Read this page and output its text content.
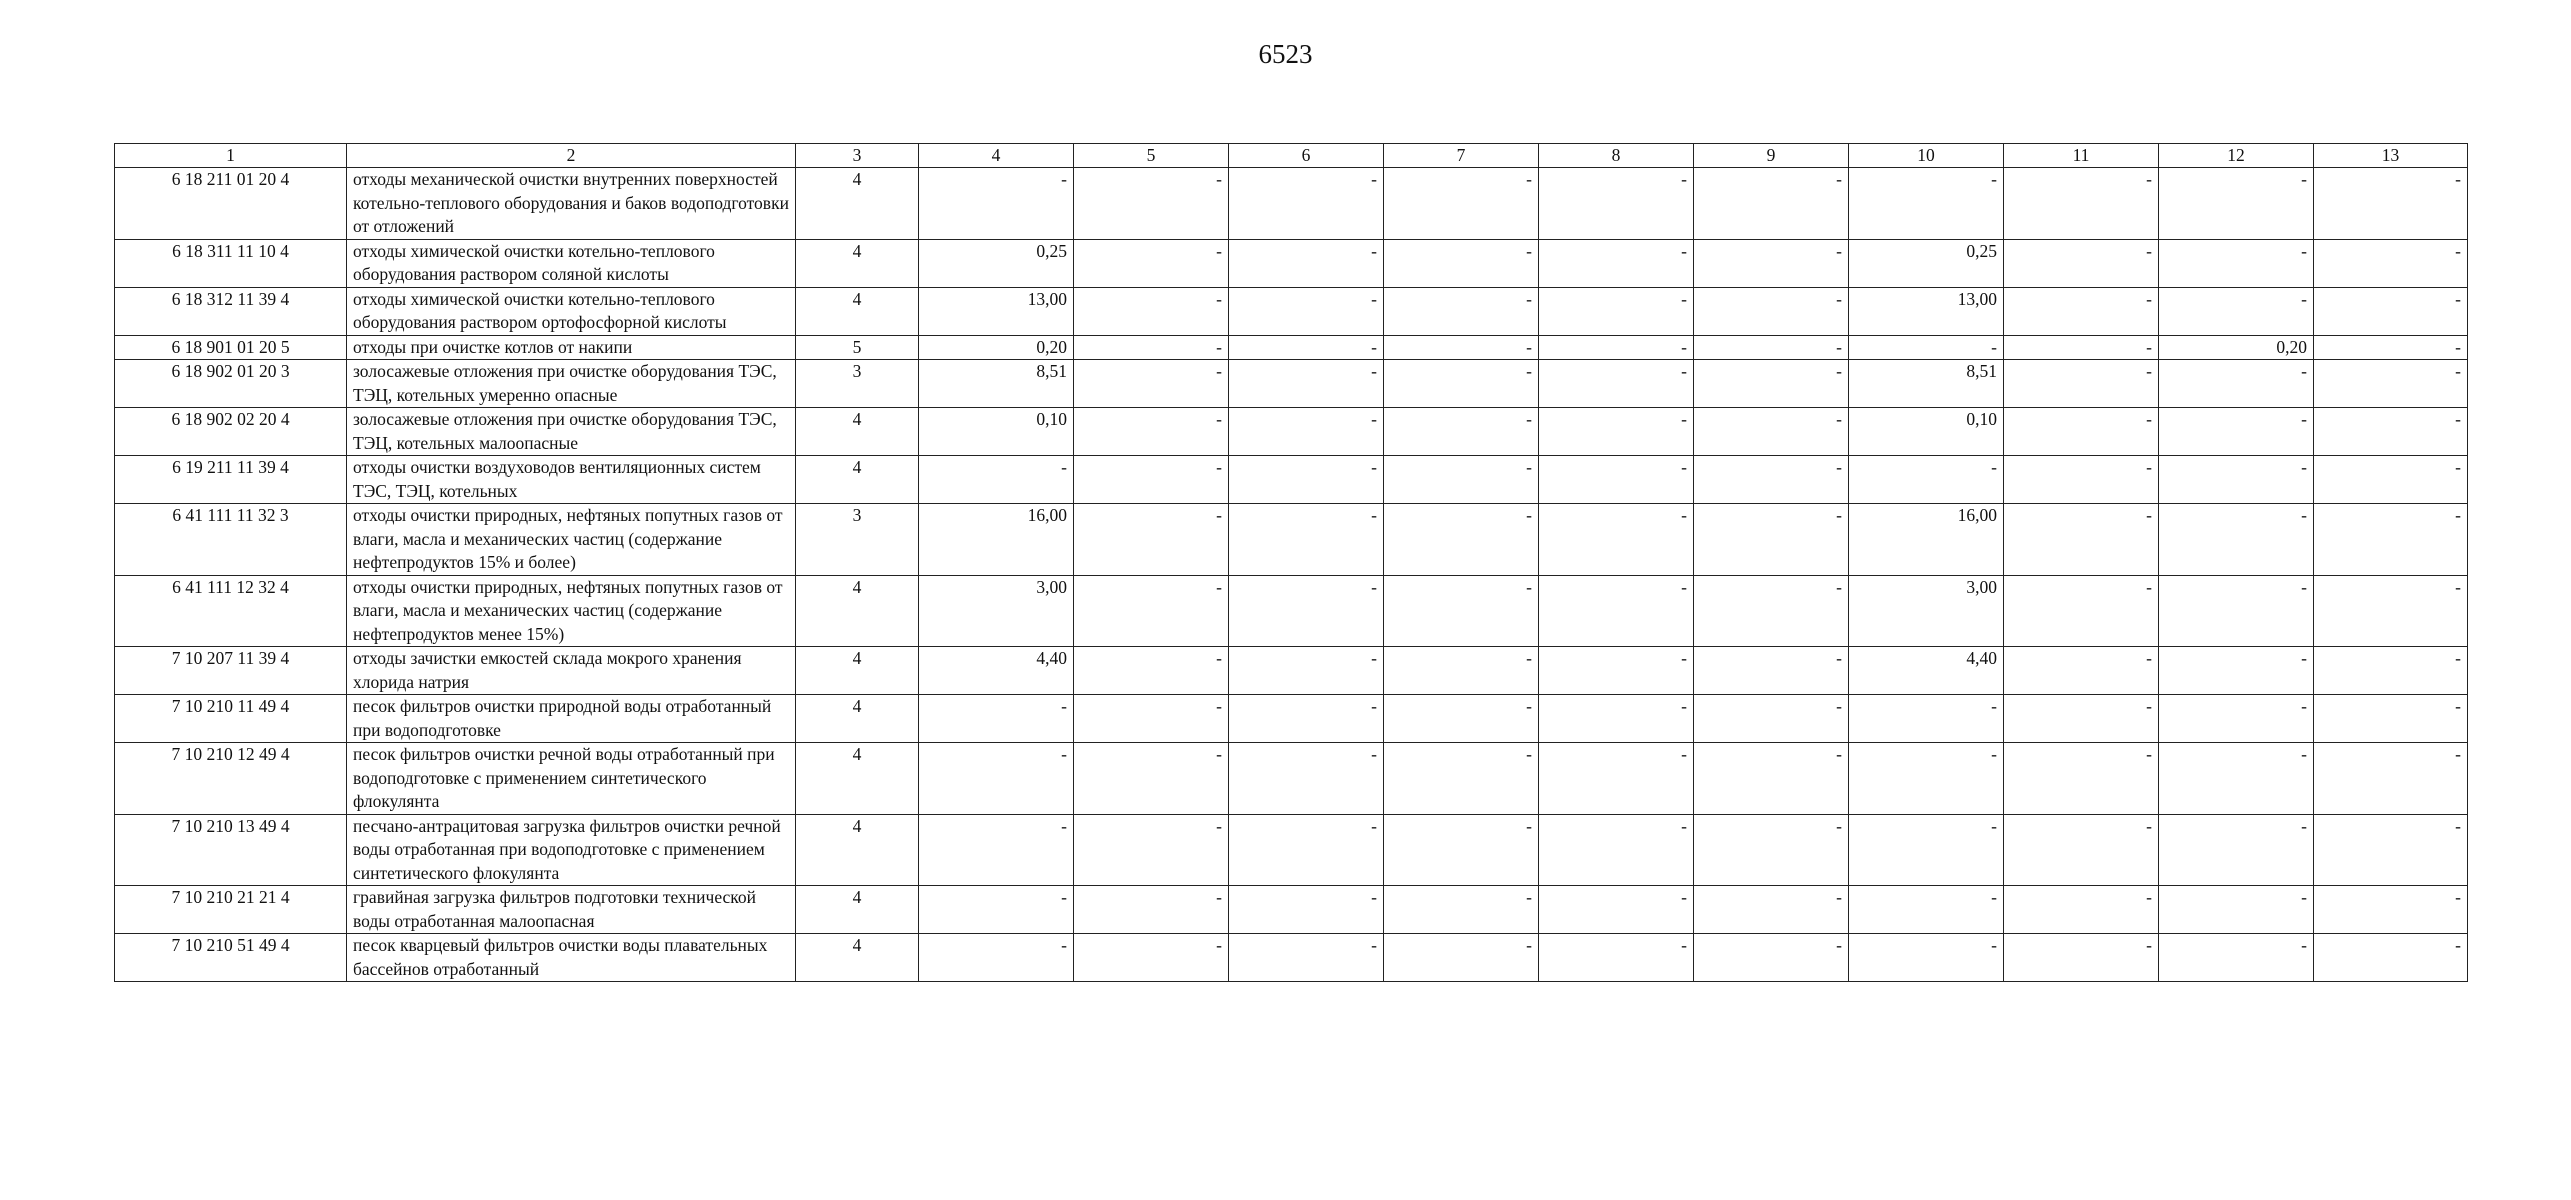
6523
1	2	3	4	5	6	7	8	9	10	11	12	13
6 18 211 01 20 4	отходы механической очистки внутренних поверхностей котельно-теплового оборудования и баков водоподготовки от отложений	4	-	-	-	-	-	-	-	-	-	-
6 18 311 11 10 4	отходы химической очистки котельно-теплового оборудования раствором соляной кислоты	4	0,25	-	-	-	-	-	0,25	-	-	-
6 18 312 11 39 4	отходы химической очистки котельно-теплового оборудования раствором ортофосфорной кислоты	4	13,00	-	-	-	-	-	13,00	-	-	-
6 18 901 01 20 5	отходы при очистке котлов от накипи	5	0,20	-	-	-	-	-	-	-	0,20	-
6 18 902 01 20 3	золосажевые отложения при очистке оборудования ТЭС, ТЭЦ, котельных умеренно опасные	3	8,51	-	-	-	-	-	8,51	-	-	-
6 18 902 02 20 4	золосажевые отложения при очистке оборудования ТЭС, ТЭЦ, котельных малоопасные	4	0,10	-	-	-	-	-	0,10	-	-	-
6 19 211 11 39 4	отходы очистки воздуховодов вентиляционных систем ТЭС, ТЭЦ, котельных	4	-	-	-	-	-	-	-	-	-	-
6 41 111 11 32 3	отходы очистки природных, нефтяных попутных газов от влаги, масла и механических частиц (содержание нефтепродуктов 15% и более)	3	16,00	-	-	-	-	-	16,00	-	-	-
6 41 111 12 32 4	отходы очистки природных, нефтяных попутных газов от влаги, масла и механических частиц (содержание нефтепродуктов менее 15%)	4	3,00	-	-	-	-	-	3,00	-	-	-
7 10 207 11 39 4	отходы зачистки емкостей склада мокрого хранения хлорида натрия	4	4,40	-	-	-	-	-	4,40	-	-	-
7 10 210 11 49 4	песок фильтров очистки природной воды отработанный при водоподготовке	4	-	-	-	-	-	-	-	-	-	-
7 10 210 12 49 4	песок фильтров очистки речной воды отработанный при водоподготовке с применением синтетического флокулянта	4	-	-	-	-	-	-	-	-	-	-
7 10 210 13 49 4	песчано-антрацитовая загрузка фильтров очистки речной воды отработанная при водоподготовке с применением синтетического флокулянта	4	-	-	-	-	-	-	-	-	-	-
7 10 210 21 21 4	гравийная загрузка фильтров подготовки технической воды отработанная малоопасная	4	-	-	-	-	-	-	-	-	-	-
7 10 210 51 49 4	песок кварцевый фильтров очистки воды плавательных бассейнов отработанный	4	-	-	-	-	-	-	-	-	-	-
